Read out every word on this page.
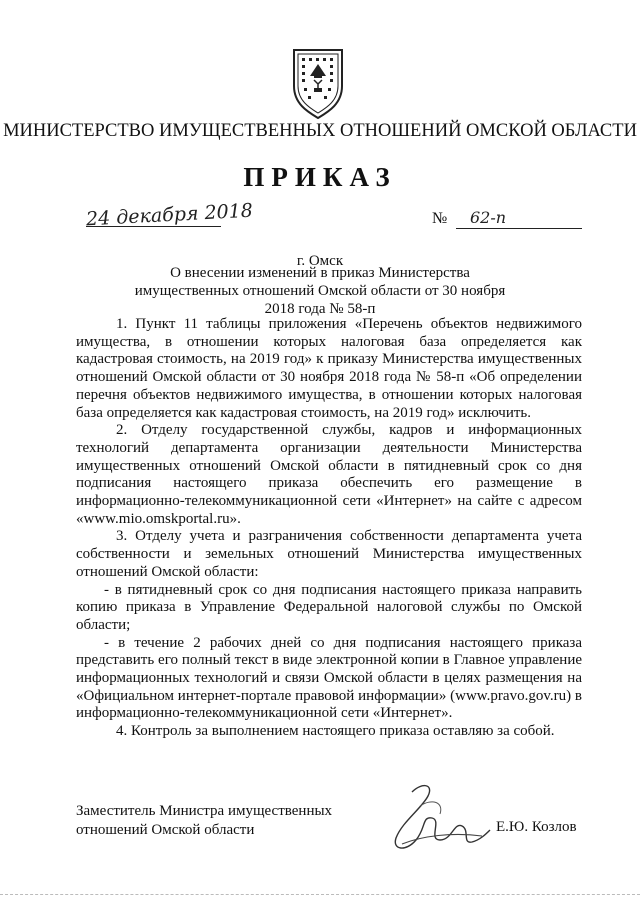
МИНИСТЕРСТВО ИМУЩЕСТВЕННЫХ ОТНОШЕНИЙ ОМСКОЙ ОБЛАСТИ
ПРИКАЗ
24 декабря 2018	№ 62-п
г. Омск
О внесении изменений в приказ Министерства имущественных отношений Омской области от 30 ноября 2018 года № 58-п

1. Пункт 11 таблицы приложения «Перечень объектов недвижимого имущества, в отношении которых налоговая база определяется как кадастровая стоимость, на 2019 год» к приказу Министерства имущественных отношений Омской области от 30 ноября 2018 года № 58-п «Об определении перечня объектов недвижимого имущества, в отношении которых налоговая база определяется как кадастровая стоимость, на 2019 год» исключить.

2. Отделу государственной службы, кадров и информационных технологий департамента организации деятельности Министерства имущественных отношений Омской области в пятидневный срок со дня подписания настоящего приказа обеспечить его размещение в информационно-телекоммуникационной сети «Интернет» на сайте с адресом «www.mio.omskportal.ru».

3. Отделу учета и разграничения собственности департамента учета собственности и земельных отношений Министерства имущественных отношений Омской области:

- в пятидневный срок со дня подписания настоящего приказа направить копию приказа в Управление Федеральной налоговой службы по Омской области;

- в течение 2 рабочих дней со дня подписания настоящего приказа представить его полный текст в виде электронной копии в Главное управление информационных технологий и связи Омской области в целях размещения на «Официальном интернет-портале правовой информации» (www.pravo.gov.ru) в информационно-телекоммуникационной сети «Интернет».

4. Контроль за выполнением настоящего приказа оставляю за собой.

Заместитель Министра имущественных
отношений Омской области	Е.Ю. Козлов
